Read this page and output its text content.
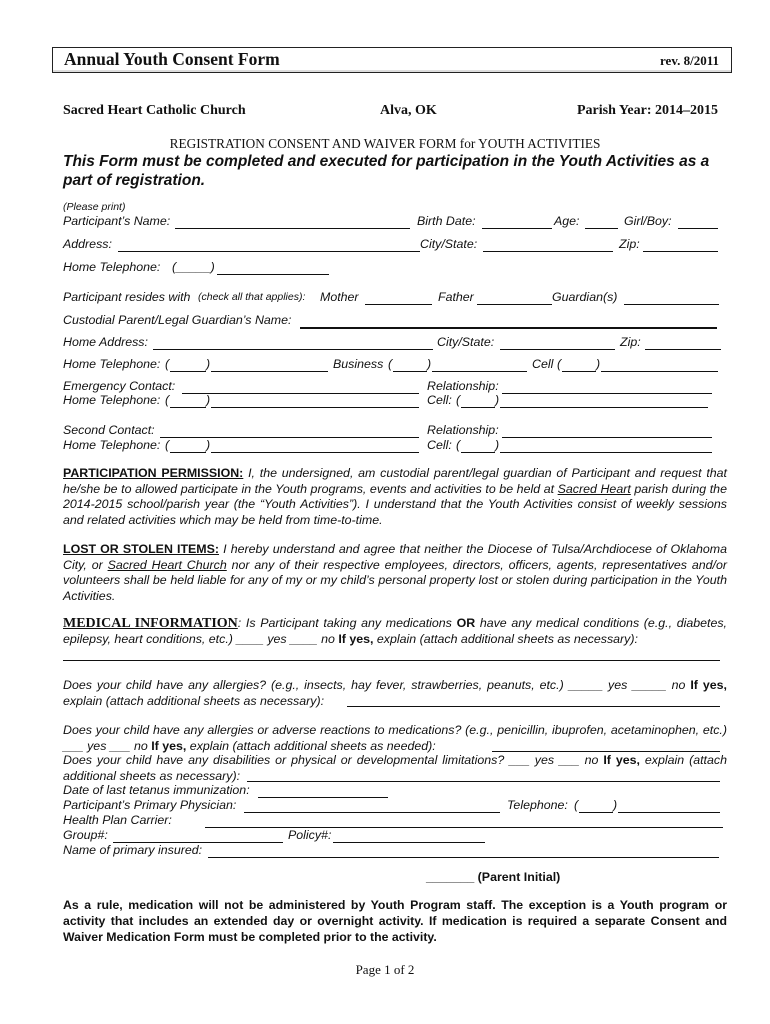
Annual Youth Consent Form	rev. 8/2011
Sacred Heart Catholic Church	Alva, OK	Parish Year: 2014–2015
REGISTRATION CONSENT AND WAIVER FORM for YOUTH ACTIVITIES
This Form must be completed and executed for participation in the Youth Activities as a part of registration.
(Please print)
Participant’s Name:	Birth Date:	Age:	Girl/Boy:
Address:	City/State:	Zip:
Home Telephone: (_____)
Participant resides with (check all that applies): Mother	Father	Guardian(s)
Custodial Parent/Legal Guardian’s Name:
Home Address:	City/State:	Zip:
Home Telephone: (	)	Business (	)	Cell (	)
Emergency Contact:	Relationship:
Home Telephone: (	)	Cell: (	)
Second Contact:	Relationship:
Home Telephone: (	)	Cell: (	)
PARTICIPATION PERMISSION: I, the undersigned, am custodial parent/legal guardian of Participant and request that he/she be to allowed participate in the Youth programs, events and activities to be held at Sacred Heart parish during the 2014-2015 school/parish year (the “Youth Activities”). I understand that the Youth Activities consist of weekly sessions and related activities which may be held from time-to-time.
LOST OR STOLEN ITEMS: I hereby understand and agree that neither the Diocese of Tulsa/Archdiocese of Oklahoma City, or Sacred Heart Church nor any of their respective employees, directors, officers, agents, representatives and/or volunteers shall be held liable for any of my or my child’s personal property lost or stolen during participation in the Youth Activities.
MEDICAL INFORMATION: Is Participant taking any medications OR have any medical conditions (e.g., diabetes, epilepsy, heart conditions, etc.) ____ yes ____ no If yes, explain (attach additional sheets as necessary):
Does your child have any allergies? (e.g., insects, hay fever, strawberries, peanuts, etc.) _____ yes _____ no If yes, explain (attach additional sheets as necessary):
Does your child have any allergies or adverse reactions to medications? (e.g., penicillin, ibuprofen, acetaminophen, etc.) ___ yes ___ no If yes, explain (attach additional sheets as needed):
Does your child have any disabilities or physical or developmental limitations? ___ yes ___ no If yes, explain (attach additional sheets as necessary):
Date of last tetanus immunization:
Participant’s Primary Physician:	Telephone: (	)
Health Plan Carrier:
Group#:	Policy#:
Name of primary insured:
_______ (Parent Initial)
As a rule, medication will not be administered by Youth Program staff. The exception is a Youth program or activity that includes an extended day or overnight activity. If medication is required a separate Consent and Waiver Medication Form must be completed prior to the activity.
Page 1 of 2
